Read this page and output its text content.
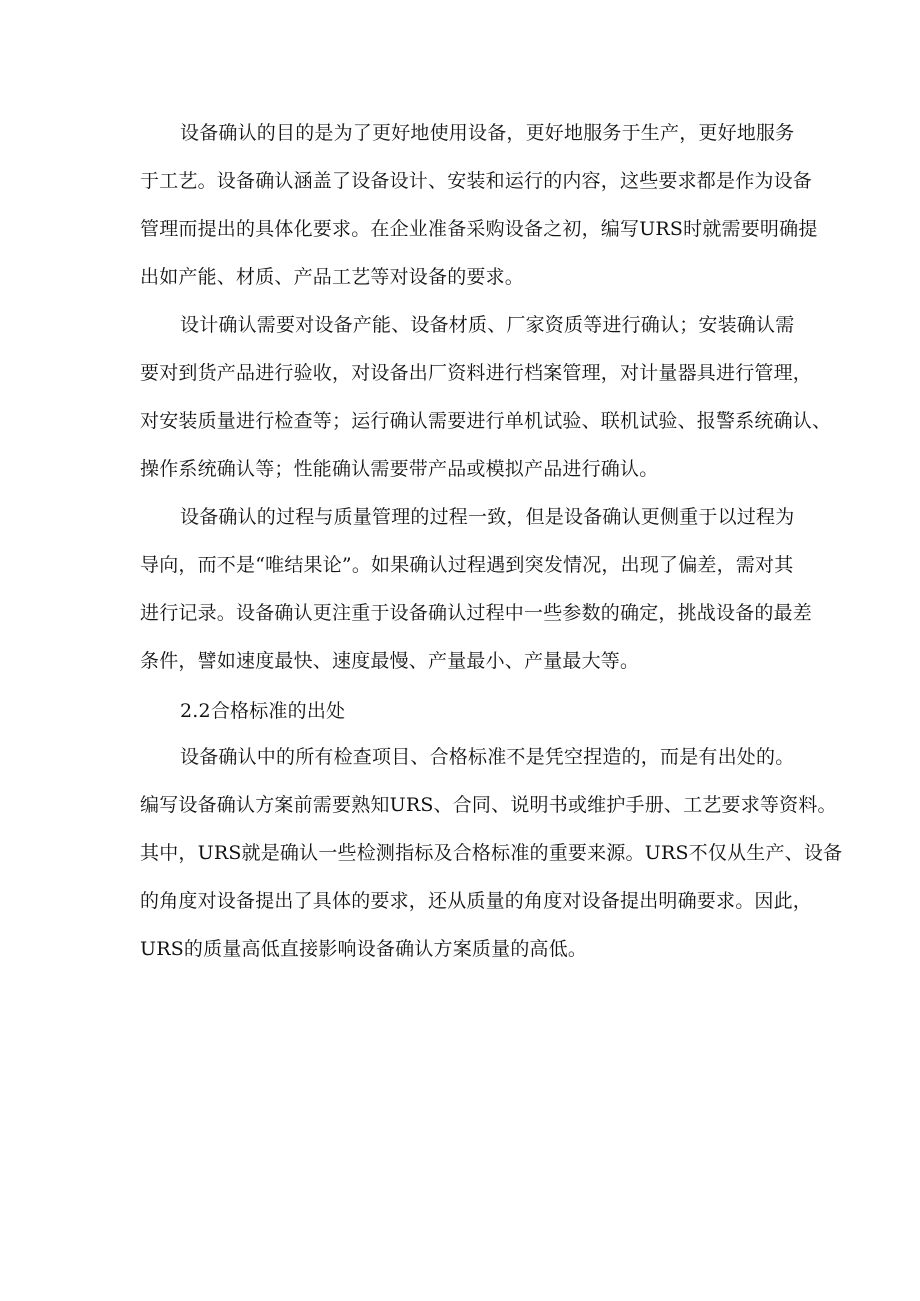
设备确认的目的是为了更好地使用设备，更好地服务于生产，更好地服务
于工艺。设备确认涵盖了设备设计、安装和运行的内容，这些要求都是作为设备
管理而提出的具体化要求。在企业准备采购设备之初，编写URS时就需要明确提
出如产能、材质、产品工艺等对设备的要求。
设计确认需要对设备产能、设备材质、厂家资质等进行确认；安装确认需
要对到货产品进行验收，对设备出厂资料进行档案管理，对计量器具进行管理，
对安装质量进行检查等；运行确认需要进行单机试验、联机试验、报警系统确认、
操作系统确认等；性能确认需要带产品或模拟产品进行确认。
设备确认的过程与质量管理的过程一致，但是设备确认更侧重于以过程为
导向，而不是“唯结果论”。如果确认过程遇到突发情况，出现了偏差，需对其
进行记录。设备确认更注重于设备确认过程中一些参数的确定，挑战设备的最差
条件，譬如速度最快、速度最慢、产量最小、产量最大等。
2.2合格标准的出处
设备确认中的所有检查项目、合格标准不是凭空捏造的，而是有出处的。
编写设备确认方案前需要熟知URS、合同、说明书或维护手册、工艺要求等资料。
其中，URS就是确认一些检测指标及合格标准的重要来源。URS不仅从生产、设备
的角度对设备提出了具体的要求，还从质量的角度对设备提出明确要求。因此，
URS的质量高低直接影响设备确认方案质量的高低。
